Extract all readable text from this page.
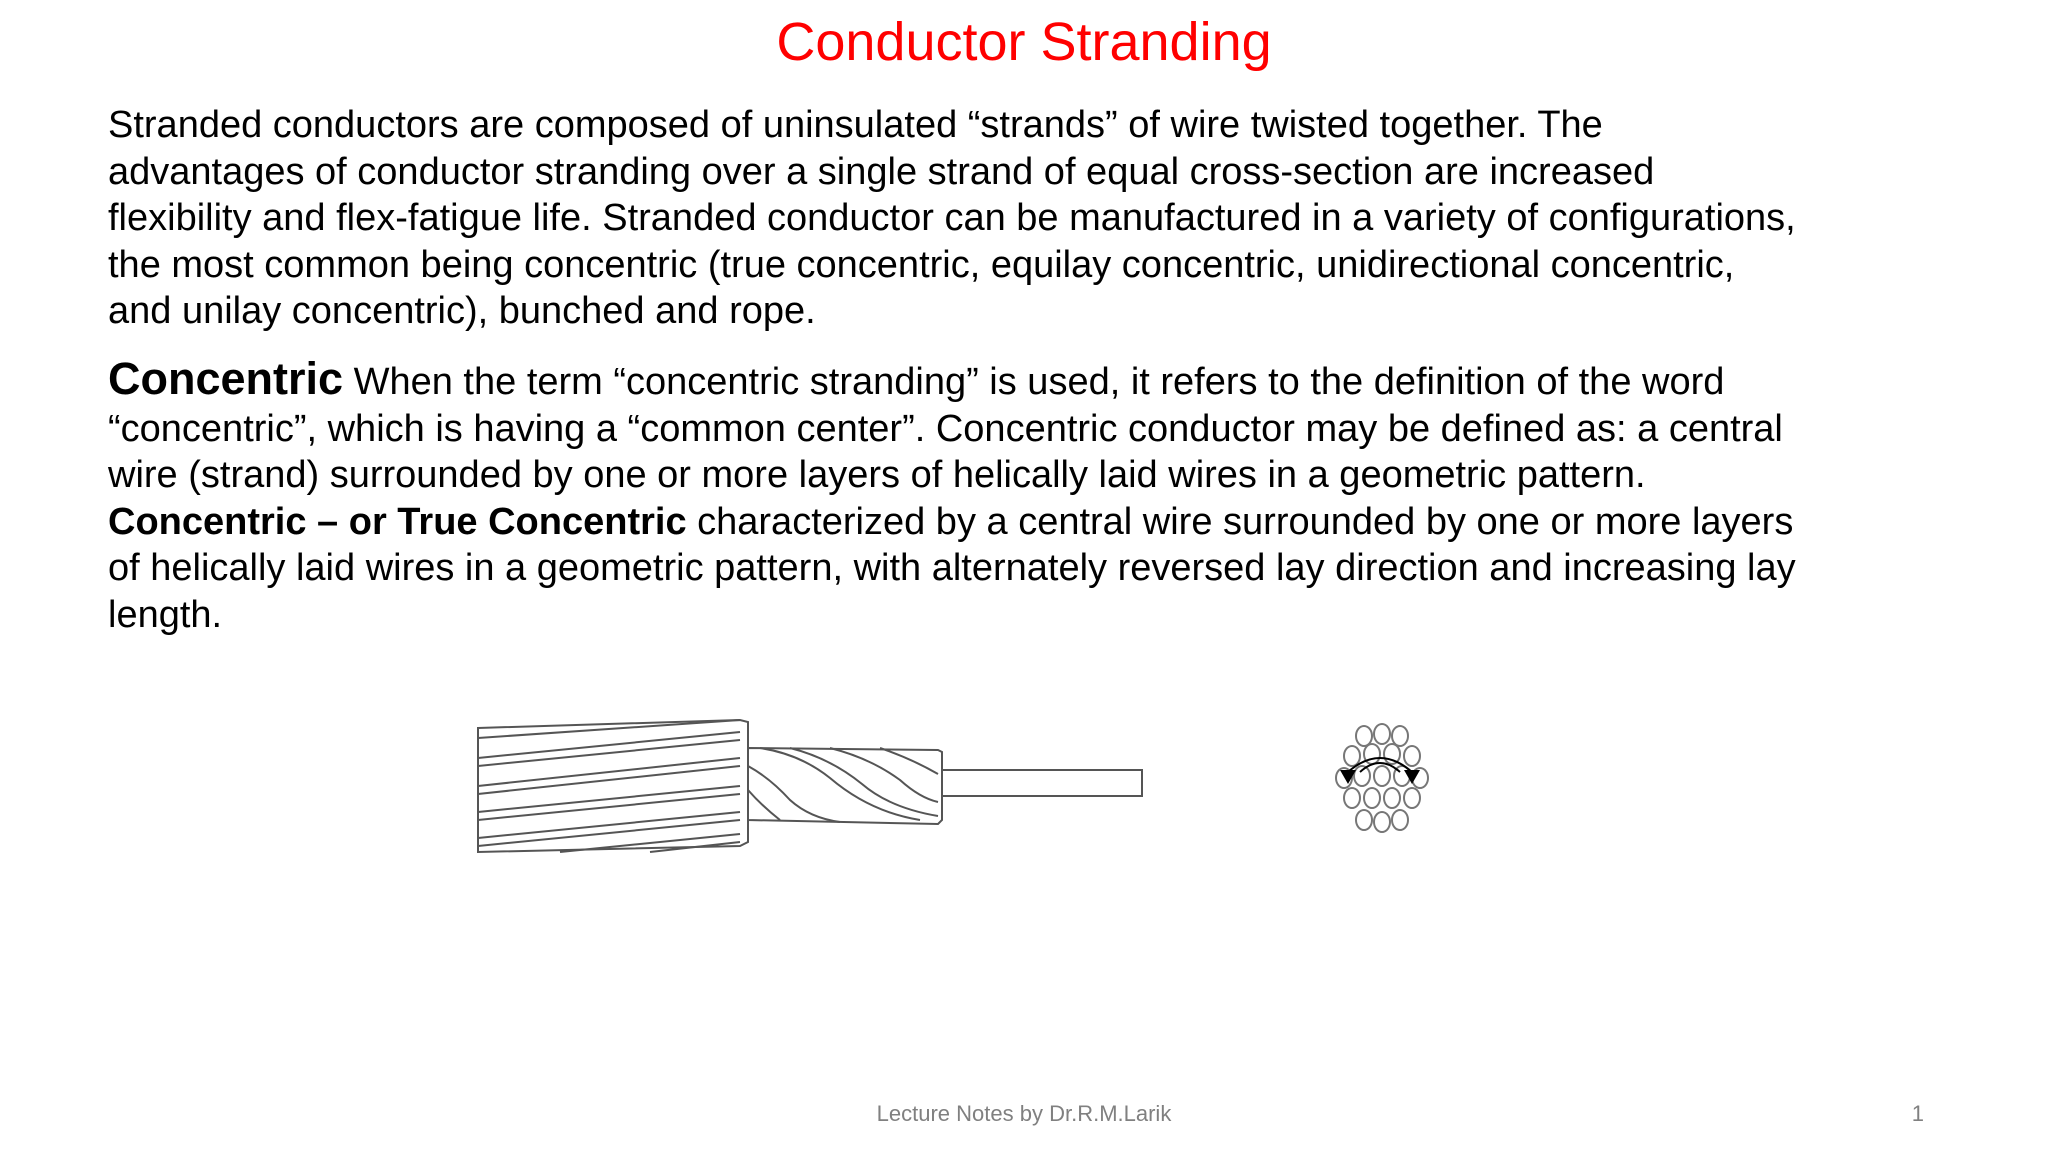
Conductor Stranding

Stranded conductors are composed of uninsulated “strands” of wire twisted together. The advantages of conductor stranding over a single strand of equal cross-section are increased flexibility and flex-fatigue life. Stranded conductor can be manufactured in a variety of configurations, the most common being concentric (true concentric, equilay concentric, unidirectional concentric, and unilay concentric), bunched and rope.

Concentric When the term “concentric stranding” is used, it refers to the definition of the word “concentric”, which is having a “common center”. Concentric conductor may be defined as: a central wire (strand) surrounded by one or more layers of helically laid wires in a geometric pattern. Concentric – or True Concentric characterized by a central wire surrounded by one or more layers of helically laid wires in a geometric pattern, with alternately reversed lay direction and increasing lay length.

Lecture Notes by Dr.R.M.Larik	1
